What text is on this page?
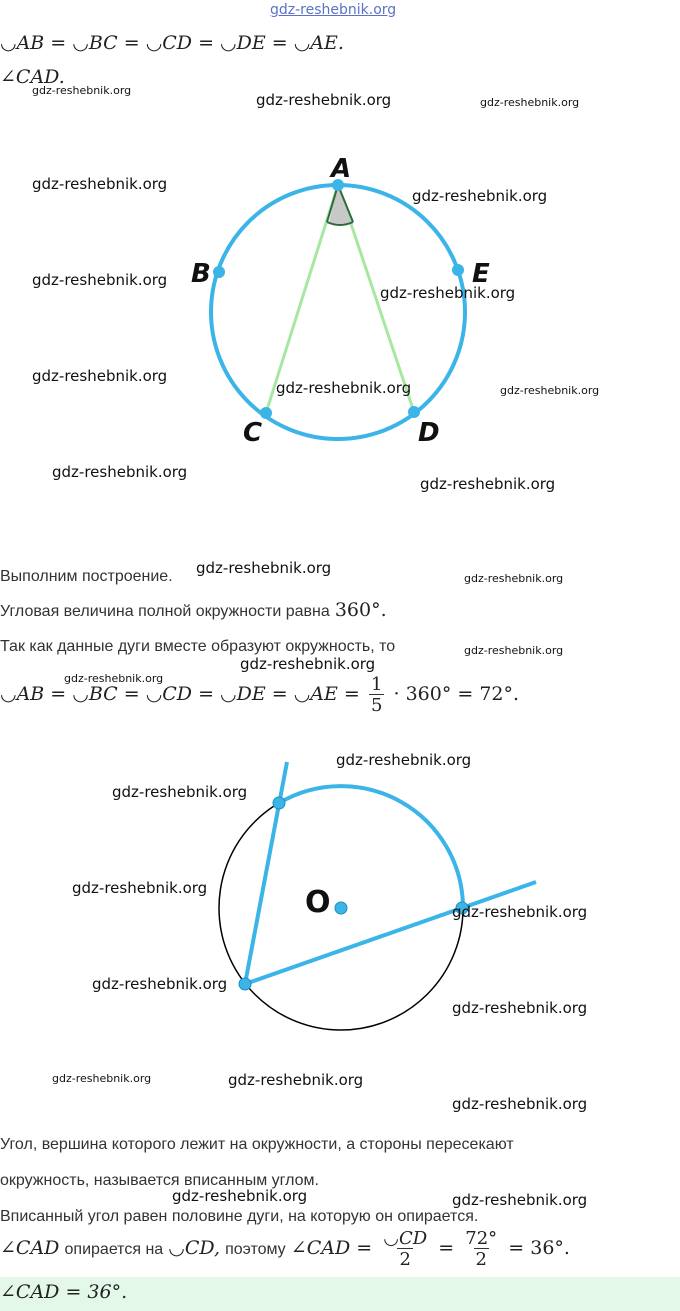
gdz-reshebnik.org
◡AB = ◡BC = ◡CD = ◡DE = ◡AE.
∠CAD.
gdz-reshebnik.org
gdz-reshebnik.org	gdz-reshebnik.org
A
B
C	D
E
gdz-reshebnik.org
gdz-reshebnik.org
gdz-reshebnik.org
gdz-reshebnik.org
gdz-reshebnik.org
gdz-reshebnik.org	gdz-reshebnik.org
gdz-reshebnik.org
gdz-reshebnik.org
Выполним построение. gdz-reshebnik.org
gdz-reshebnik.org
Угловая величина полной окружности равна 360°.
Так как данные дуги вместе образуют окружность, то	gdz-reshebnik.org
gdz-reshebnik.org
gdz-reshebnik.org
◡AB = ◡BC = ◡CD = ◡DE = ◡AE = $\frac{1}{5} \cdot 360^\circ = 72^\circ$.
O
gdz-reshebnik.org
gdz-reshebnik.org
gdz-reshebnik.org
gdz-reshebnik.org
gdz-reshebnik.org
gdz-reshebnik.org
gdz-reshebnik.org	gdz-reshebnik.org
gdz-reshebnik.org
Угол, вершина которого лежит на окружности, а стороны пересекают
окружность, называется вписанным углом.
gdz-reshebnik.org	gdz-reshebnik.org
Вписанный угол равен половине дуги, на которую он опирается.
∠CAD опирается на ◡CD, поэтому ∠CAD = $\frac{◡CD}{2} = \frac{72^\circ}{2} = 36^\circ$.
∠CAD = 36°.
